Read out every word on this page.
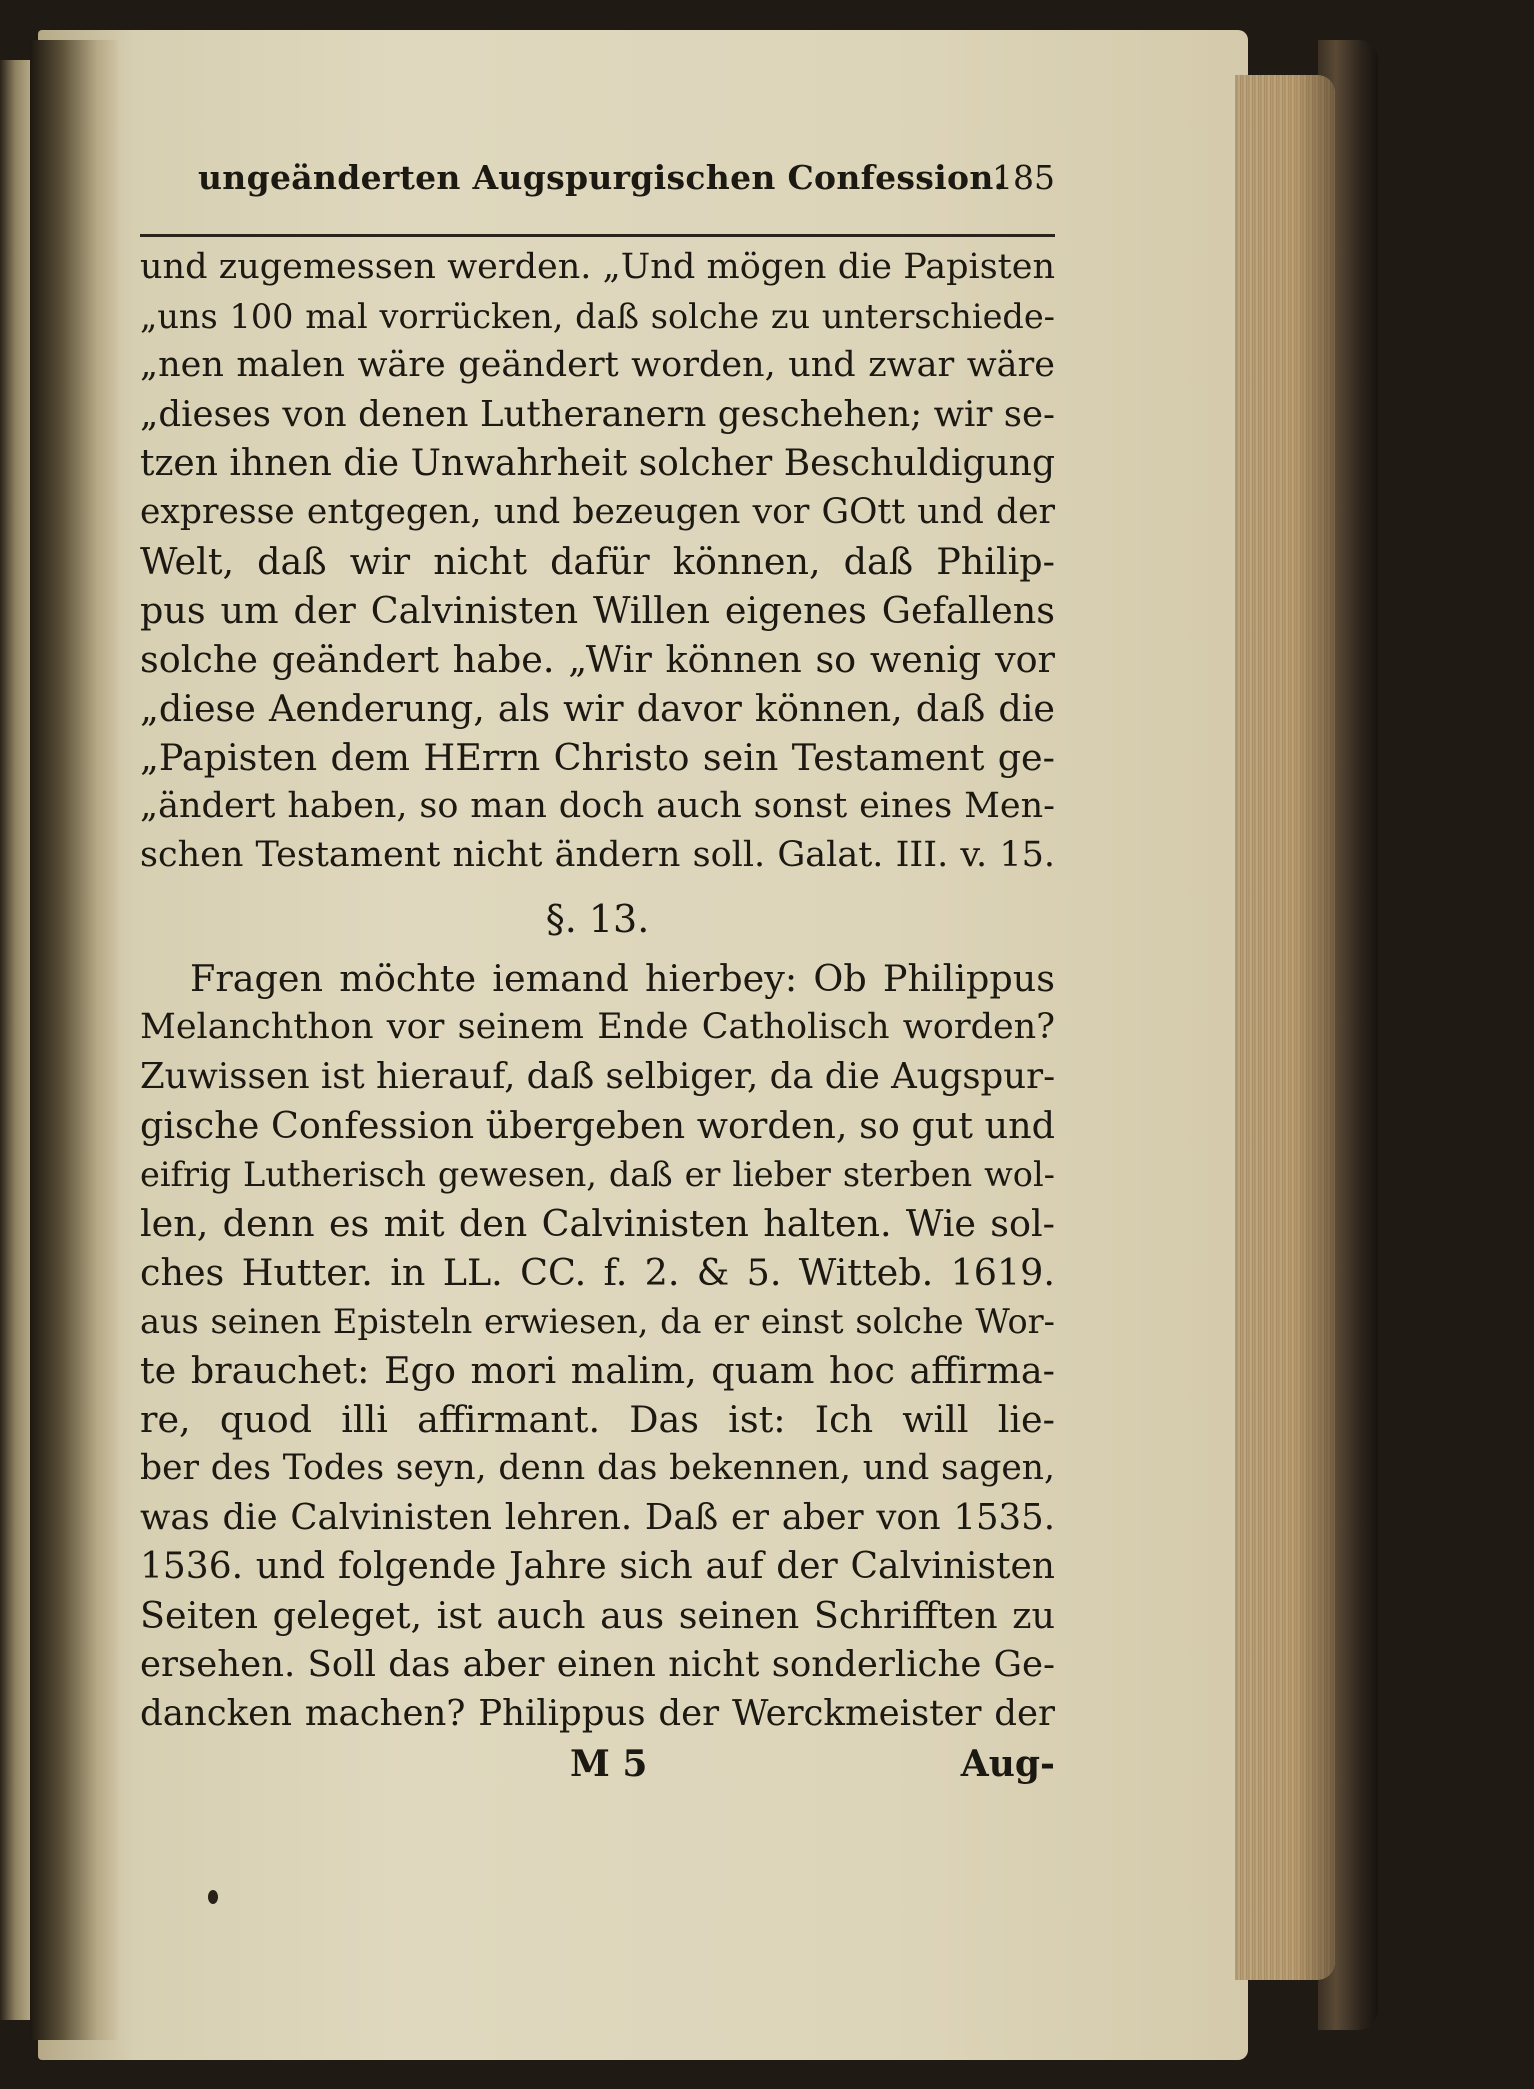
ungeänderten Augspurgischen Confession.
185
und zugemessen werden. „Und mögen die Papisten
„uns 100 mal vorrücken, daß solche zu unterschiede-
„nen malen wäre geändert worden, und zwar wäre
„dieses von denen Lutheranern geschehen; wir se-
tzen ihnen die Unwahrheit solcher Beschuldigung
expresse entgegen, und bezeugen vor GOtt und der
Welt, daß wir nicht dafür können, daß Philip-
pus um der Calvinisten Willen eigenes Gefallens
solche geändert habe. „Wir können so wenig vor
„diese Aenderung, als wir davor können, daß die
„Papisten dem HErrn Christo sein Testament ge-
„ändert haben, so man doch auch sonst eines Men-
schen Testament nicht ändern soll. Galat. III. v. 15.
§. 13.
Fragen möchte iemand hierbey: Ob Philippus
Melanchthon vor seinem Ende Catholisch worden?
Zuwissen ist hierauf, daß selbiger, da die Augspur-
gische Confession übergeben worden, so gut und
eifrig Lutherisch gewesen, daß er lieber sterben wol-
len, denn es mit den Calvinisten halten. Wie sol-
ches Hutter. in LL. CC. f. 2. & 5. Witteb. 1619.
aus seinen Episteln erwiesen, da er einst solche Wor-
te brauchet: Ego mori malim, quam hoc affirma-
re, quod illi affirmant. Das ist: Ich will lie-
ber des Todes seyn, denn das bekennen, und sagen,
was die Calvinisten lehren. Daß er aber von 1535.
1536. und folgende Jahre sich auf der Calvinisten
Seiten geleget, ist auch aus seinen Schrifften zu
ersehen. Soll das aber einen nicht sonderliche Ge-
dancken machen? Philippus der Werckmeister der
M 5	Aug-
